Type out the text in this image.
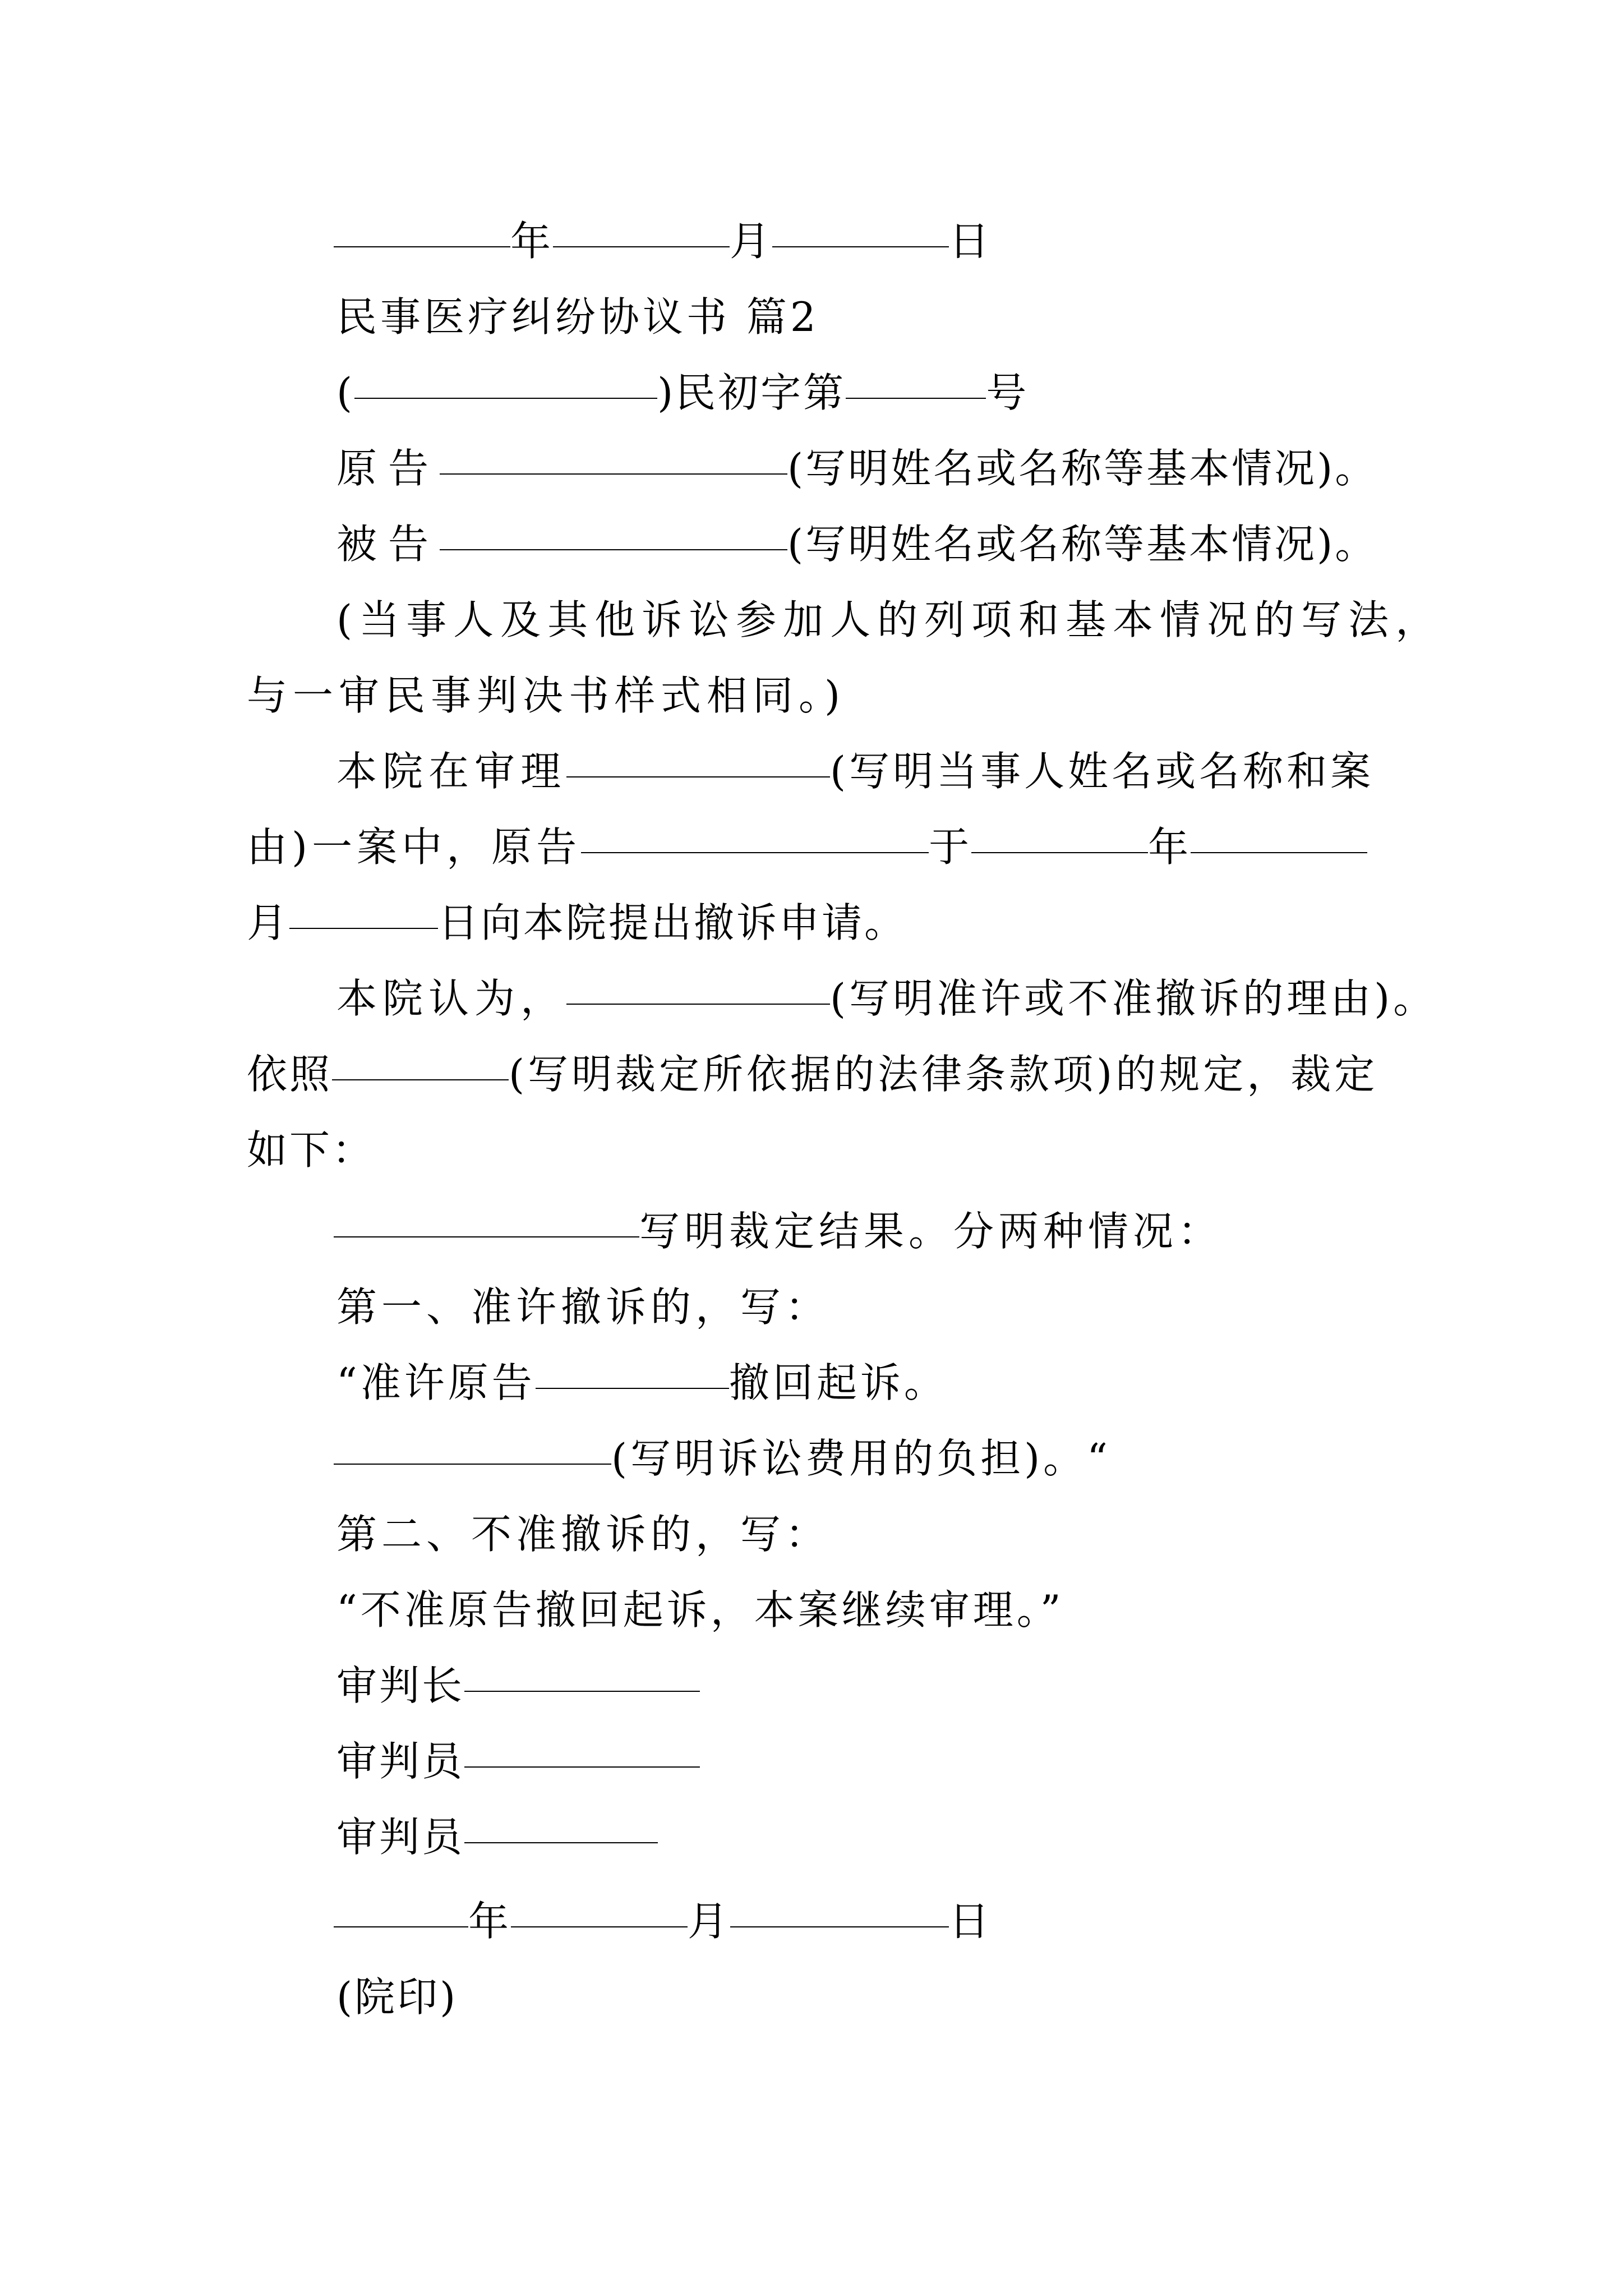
年	月	日
民事医疗纠纷协议书 篇2
(	)民初字第	号
原告	(写明姓名或名称等基本情况)。
被告	(写明姓名或名称等基本情况)。
(当事人及其他诉讼参加人的列项和基本情况的写法，
与一审民事判决书样式相同。)
本院在审理	(写明当事人姓名或名称和案
由)一案中，原告	于	年
月	日向本院提出撤诉申请。
本院认为，	(写明准许或不准撤诉的理由)。
依照	(写明裁定所依据的法律条款项)的规定，裁定
如下：
写明裁定结果。分两种情况：
第一、准许撤诉的，写：
“准许原告	撤回起诉。
(写明诉讼费用的负担)。“
第二、不准撤诉的，写：
“不准原告撤回起诉，本案继续审理。”
审判长
审判员
审判员
年	月	日
(院印)
